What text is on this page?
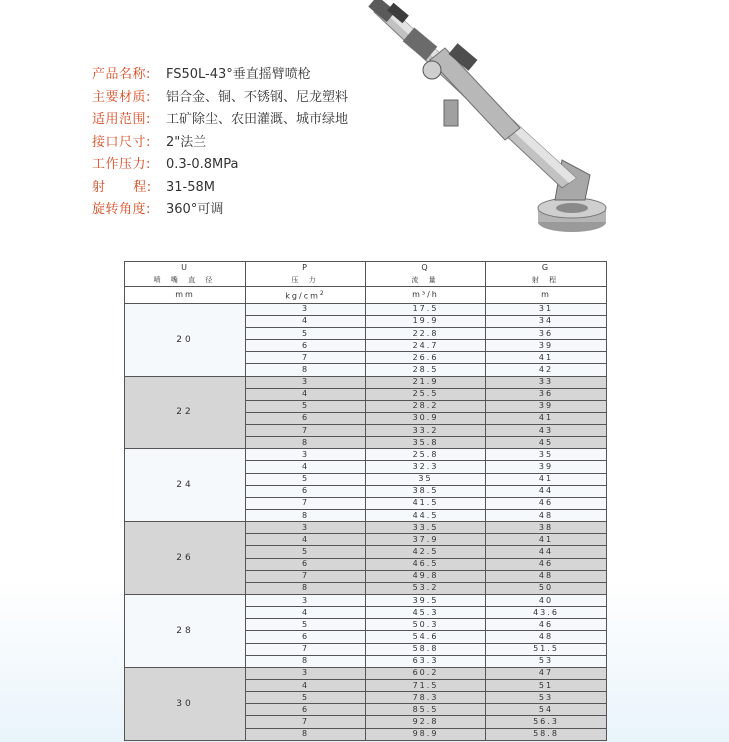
产品名称: FS50L-43°垂直摇臂喷枪
主要材质: 铝合金、铜、不锈钢、尼龙塑料
适用范围: 工矿除尘、农田灌溉、城市绿地
接口尺寸: 2"法兰
工作压力: 0.3-0.8MPa
射      程: 31-58M
旋转角度: 360°可调
U	P	Q	G
喷 嘴 直 径	压 力	流 量	射 程
mm	$kg/cm^2$	m³/h	m
20	3	17.5	31
	4	19.9	34
	5	22.8	36
	6	24.7	39
	7	26.6	41
	8	28.5	42
22	3	21.9	33
	4	25.5	36
	5	28.2	39
	6	30.9	41
	7	33.2	43
	8	35.8	45
24	3	25.8	35
	4	32.3	39
	5	35	41
	6	38.5	44
	7	41.5	46
	8	44.5	48
26	3	33.5	38
	4	37.9	41
	5	42.5	44
	6	46.5	46
	7	49.8	48
	8	53.2	50
28	3	39.5	40
	4	45.3	43.6
	5	50.3	46
	6	54.6	48
	7	58.8	51.5
	8	63.3	53
30	3	60.2	47
	4	71.5	51
	5	78.3	53
	6	85.5	54
	7	92.8	56.3
	8	98.9	58.8
